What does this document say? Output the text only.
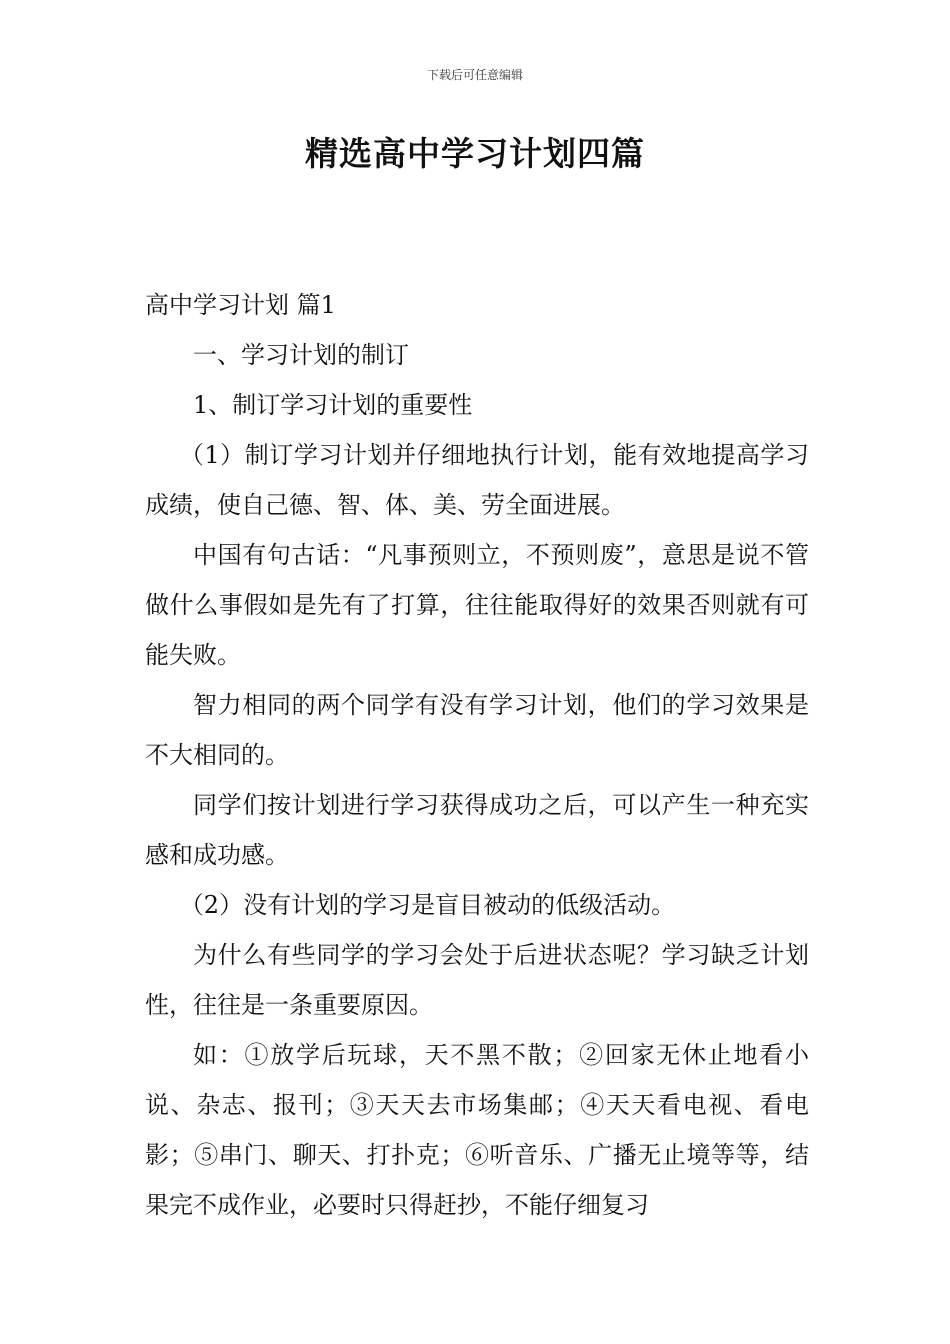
下载后可任意编辑
精选高中学习计划四篇

高中学习计划 篇1

一、学习计划的制订

1、制订学习计划的重要性

（1）制订学习计划并仔细地执行计划，能有效地提高学习成绩，使自己德、智、体、美、劳全面进展。

中国有句古话：“凡事预则立，不预则废”，意思是说不管做什么事假如是先有了打算，往往能取得好的效果否则就有可能失败。

智力相同的两个同学有没有学习计划，他们的学习效果是不大相同的。

同学们按计划进行学习获得成功之后，可以产生一种充实感和成功感。

（2）没有计划的学习是盲目被动的低级活动。

为什么有些同学的学习会处于后进状态呢？学习缺乏计划性，往往是一条重要原因。

如：①放学后玩球，天不黑不散；②回家无休止地看小说、杂志、报刊；③天天去市场集邮；④天天看电视、看电影；⑤串门、聊天、打扑克；⑥听音乐、广播无止境等等，结果完不成作业，必要时只得赶抄，不能仔细复习
